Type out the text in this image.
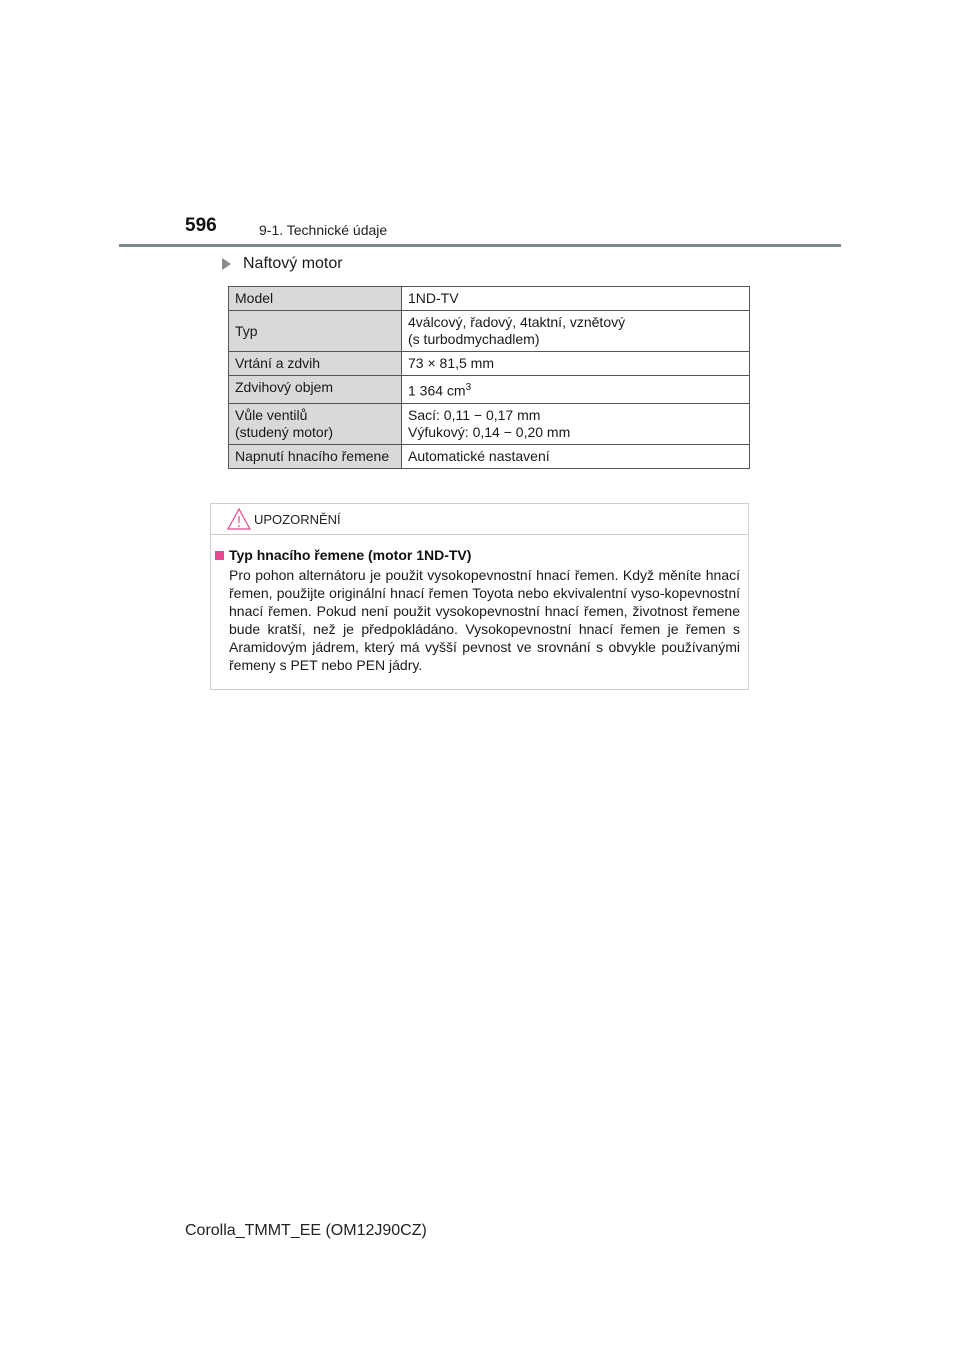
596	9-1. Technické údaje
Naftový motor
Model	1ND-TV
Typ	4válcový, řadový, 4taktní, vznětový
(s turbodmychadlem)
Vrtání a zdvih	73 × 81,5 mm
Zdvihový objem	1 364 $cm^3$
Vůle ventilů
(studený motor)	Sací: 0,11 − 0,17 mm
Výfukový: 0,14 − 0,20 mm
Napnutí hnacího řemene	Automatické nastavení
UPOZORNĚNÍ
Typ hnacího řemene (motor 1ND-TV)
Pro pohon alternátoru je použit vysokopevnostní hnací řemen. Když měníte hnací řemen, použijte originální hnací řemen Toyota nebo ekvivalentní vyso-kopevnostní hnací řemen. Pokud není použit vysokopevnostní hnací řemen, životnost řemene bude kratší, než je předpokládáno. Vysokopevnostní hnací řemen je řemen s Aramidovým jádrem, který má vyšší pevnost ve srovnání s obvykle používanými řemeny s PET nebo PEN jádry.
Corolla_TMMT_EE (OM12J90CZ)
